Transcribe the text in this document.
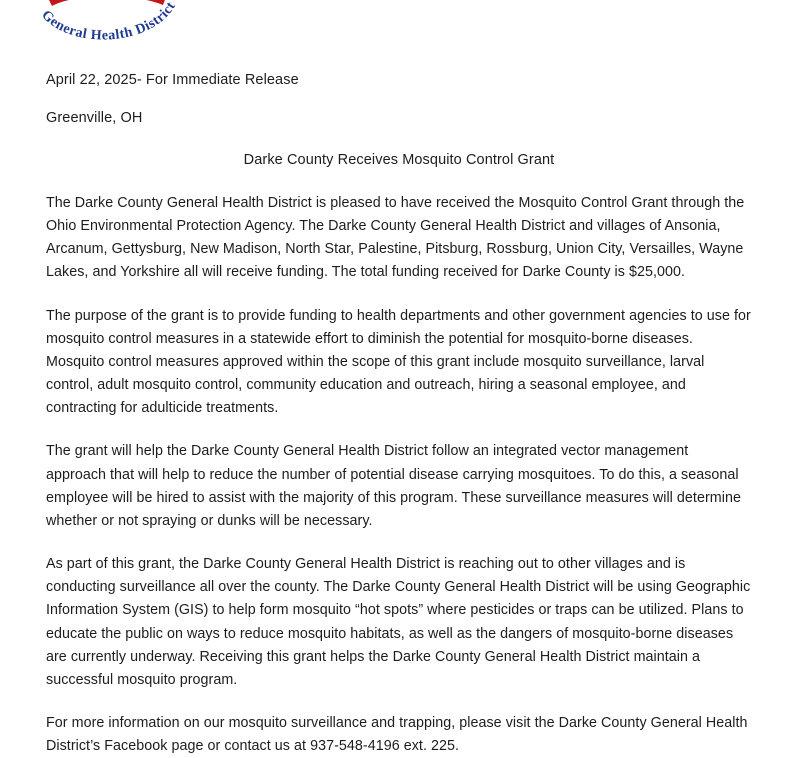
General Health District

April 22, 2025- For Immediate Release

Greenville, OH

Darke County Receives Mosquito Control Grant

The Darke County General Health District is pleased to have received the Mosquito Control Grant through the Ohio Environmental Protection Agency. The Darke County General Health District and villages of Ansonia, Arcanum, Gettysburg, New Madison, North Star, Palestine, Pitsburg, Rossburg, Union City, Versailles, Wayne Lakes, and Yorkshire all will receive funding. The total funding received for Darke County is $25,000.

The purpose of the grant is to provide funding to health departments and other government agencies to use for mosquito control measures in a statewide effort to diminish the potential for mosquito-borne diseases. Mosquito control measures approved within the scope of this grant include mosquito surveillance, larval control, adult mosquito control, community education and outreach, hiring a seasonal employee, and contracting for adulticide treatments.

The grant will help the Darke County General Health District follow an integrated vector management approach that will help to reduce the number of potential disease carrying mosquitoes. To do this, a seasonal employee will be hired to assist with the majority of this program. These surveillance measures will determine whether or not spraying or dunks will be necessary.

As part of this grant, the Darke County General Health District is reaching out to other villages and is conducting surveillance all over the county. The Darke County General Health District will be using Geographic Information System (GIS) to help form mosquito “hot spots” where pesticides or traps can be utilized. Plans to educate the public on ways to reduce mosquito habitats, as well as the dangers of mosquito-borne diseases are currently underway. Receiving this grant helps the Darke County General Health District maintain a successful mosquito program.

For more information on our mosquito surveillance and trapping, please visit the Darke County General Health District’s Facebook page or contact us at 937-548-4196 ext. 225.
